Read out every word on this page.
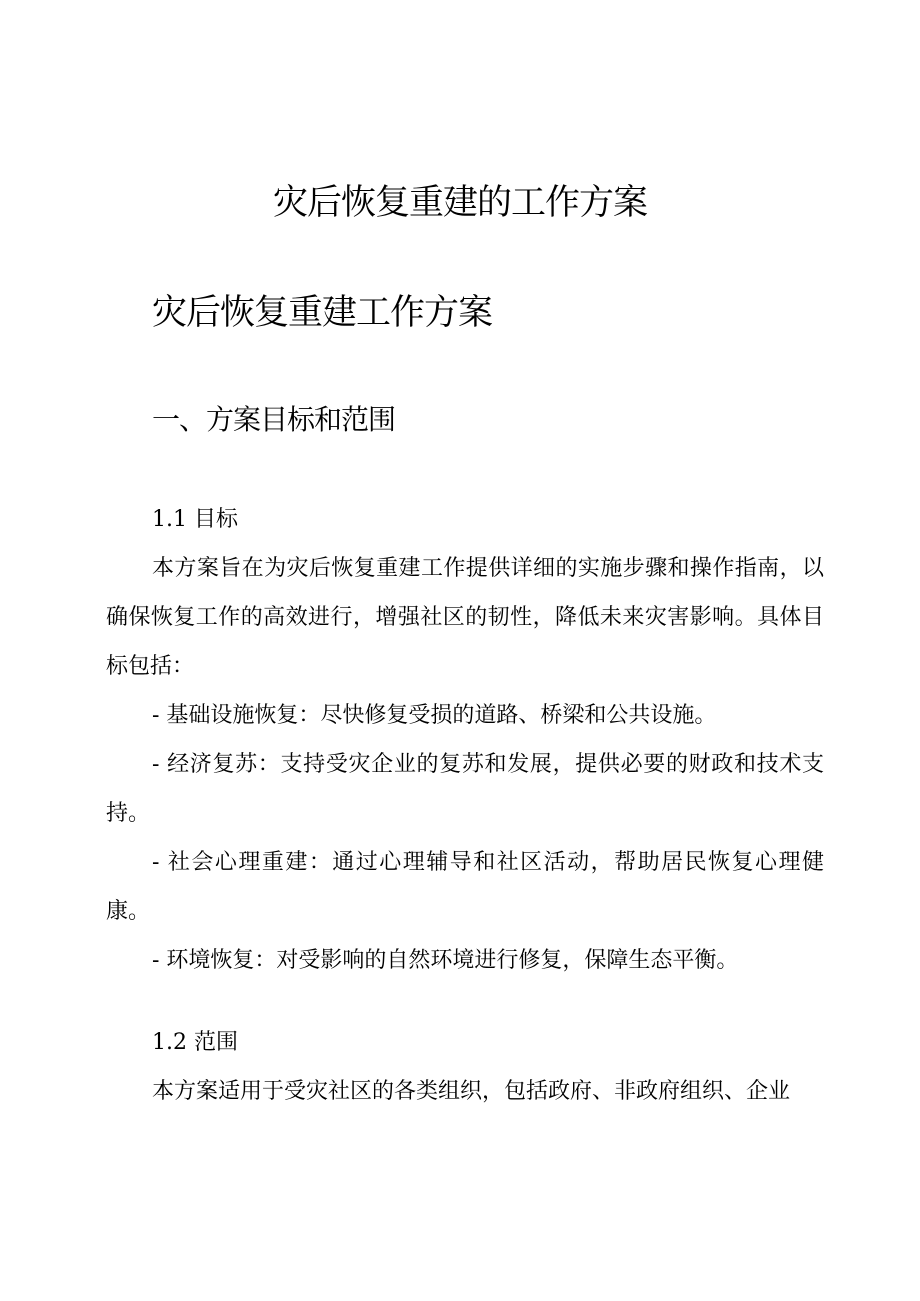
灾后恢复重建的工作方案
灾后恢复重建工作方案
一、方案目标和范围
1.1 目标

本方案旨在为灾后恢复重建工作提供详细的实施步骤和操作指南，以确保恢复工作的高效进行，增强社区的韧性，降低未来灾害影响。具体目标包括：

- 基础设施恢复：尽快修复受损的道路、桥梁和公共设施。

- 经济复苏：支持受灾企业的复苏和发展，提供必要的财政和技术支持。

- 社会心理重建：通过心理辅导和社区活动，帮助居民恢复心理健康。

- 环境恢复：对受影响的自然环境进行修复，保障生态平衡。

1.2 范围

本方案适用于受灾社区的各类组织，包括政府、非政府组织、企业
